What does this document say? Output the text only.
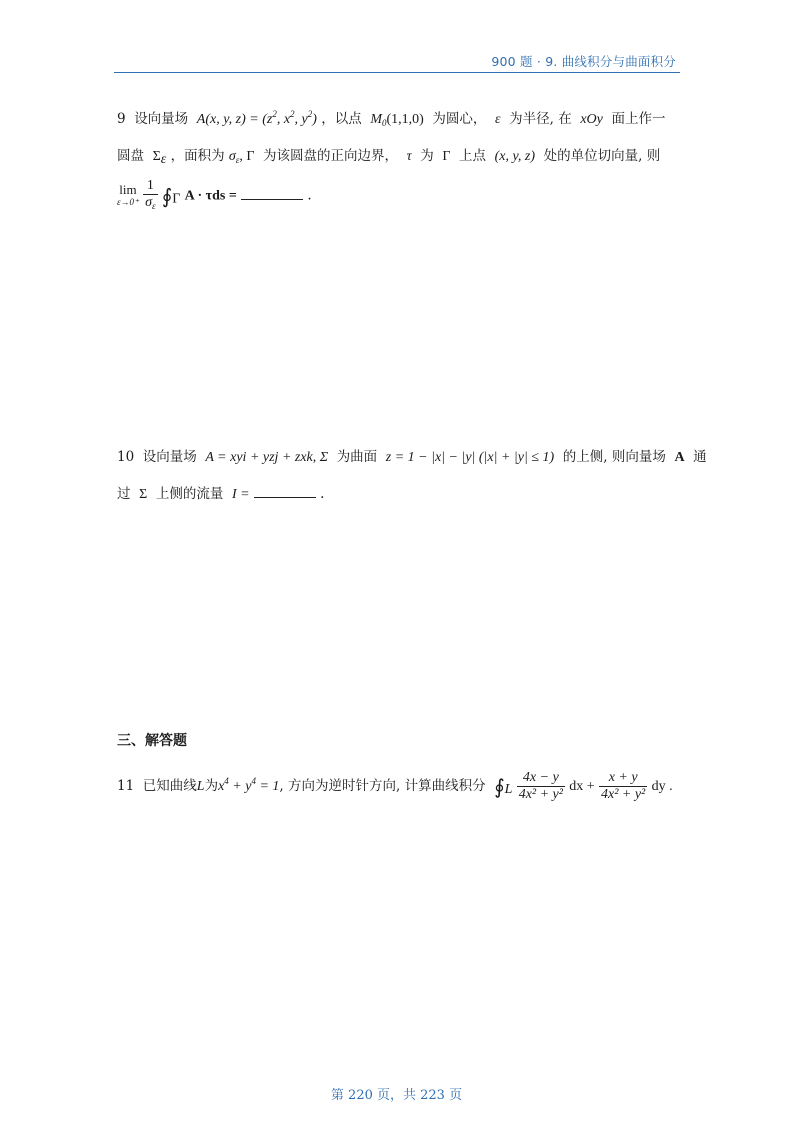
900 题 · 9. 曲线积分与曲面积分
9 设向量场 A(x, y, $z) = (z^2$, $x^2$, $y^2$) ，以点 $M_0(1,1,0)$ 为圆心， ε 为半径, 在 xOy 面上作一
圆盘 $\Sigma_\varepsilon$ ，面积为 $\sigma_\varepsilon$, Γ 为该圆盘的正向边界， τ 为 Γ 上点 (x, y, z) 处的单位切向量, 则
lim
ε→0⁺
$\frac{1}{\sigma_\varepsilon}$ $∮_\Gamma$ A · τds =	.
10 设向量场 A = xyi + yzj + zxk, Σ 为曲面 z = 1 − |x| − |y| (|x| + |y| ≤ 1) 的上侧, 则向量场 A 通
过 Σ 上侧的流量 I =	.
三、解答题
11 已知曲线L为$x^4 + y^4 = 1$, 方向为逆时针方向, 计算曲线积分 $∮_L \frac{4x - y}{\text{4x² + y²}}$ dx + $\frac{x + y}{\text{4x² + y²}}$ dy .
第 220 页，共 223 页
